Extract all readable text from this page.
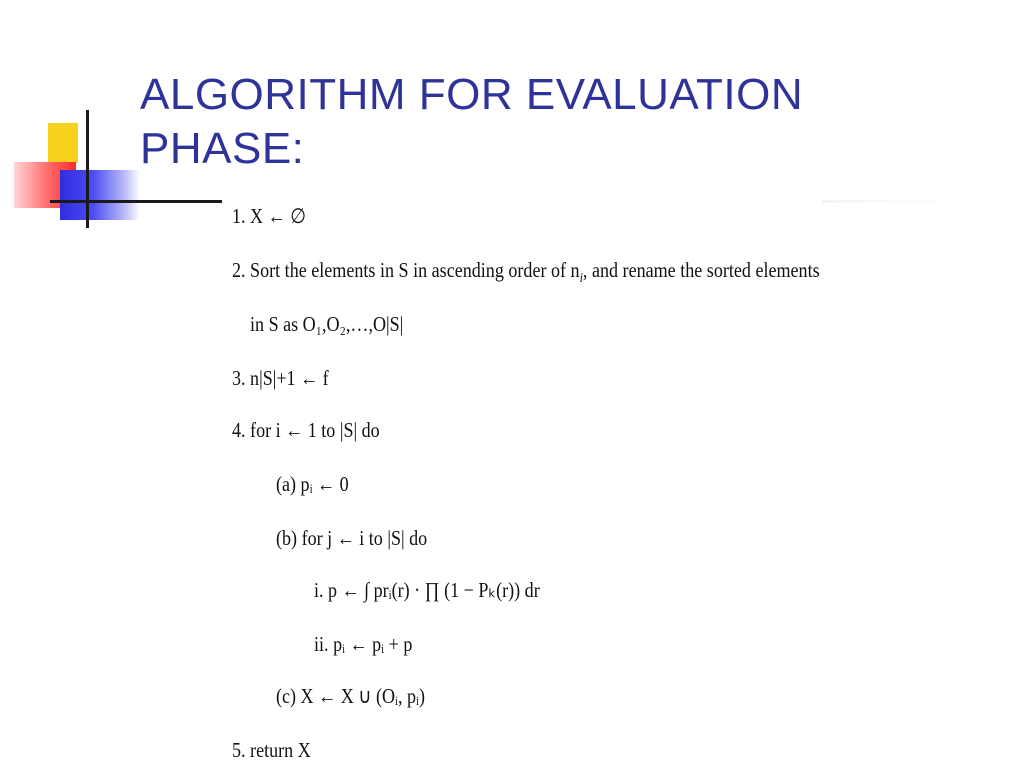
ALGORITHM FOR EVALUATION
PHASE:
1. X ← ∅
2. Sort the elements in S in ascending order of $n_i$, and rename the sorted elements
in S as O₁,O₂,…,O|S|
3. n|S|+1 ← f
4. for i ← 1 to |S| do
(a) pᵢ ← 0
(b) for j ← i to |S| do
i. p ← ∫ prᵢ(r) · ∏ (1 − Pₖ(r)) dr
ii. pᵢ ← pᵢ + p
(c) X ← X ∪ (Oᵢ, pᵢ)
5. return X
